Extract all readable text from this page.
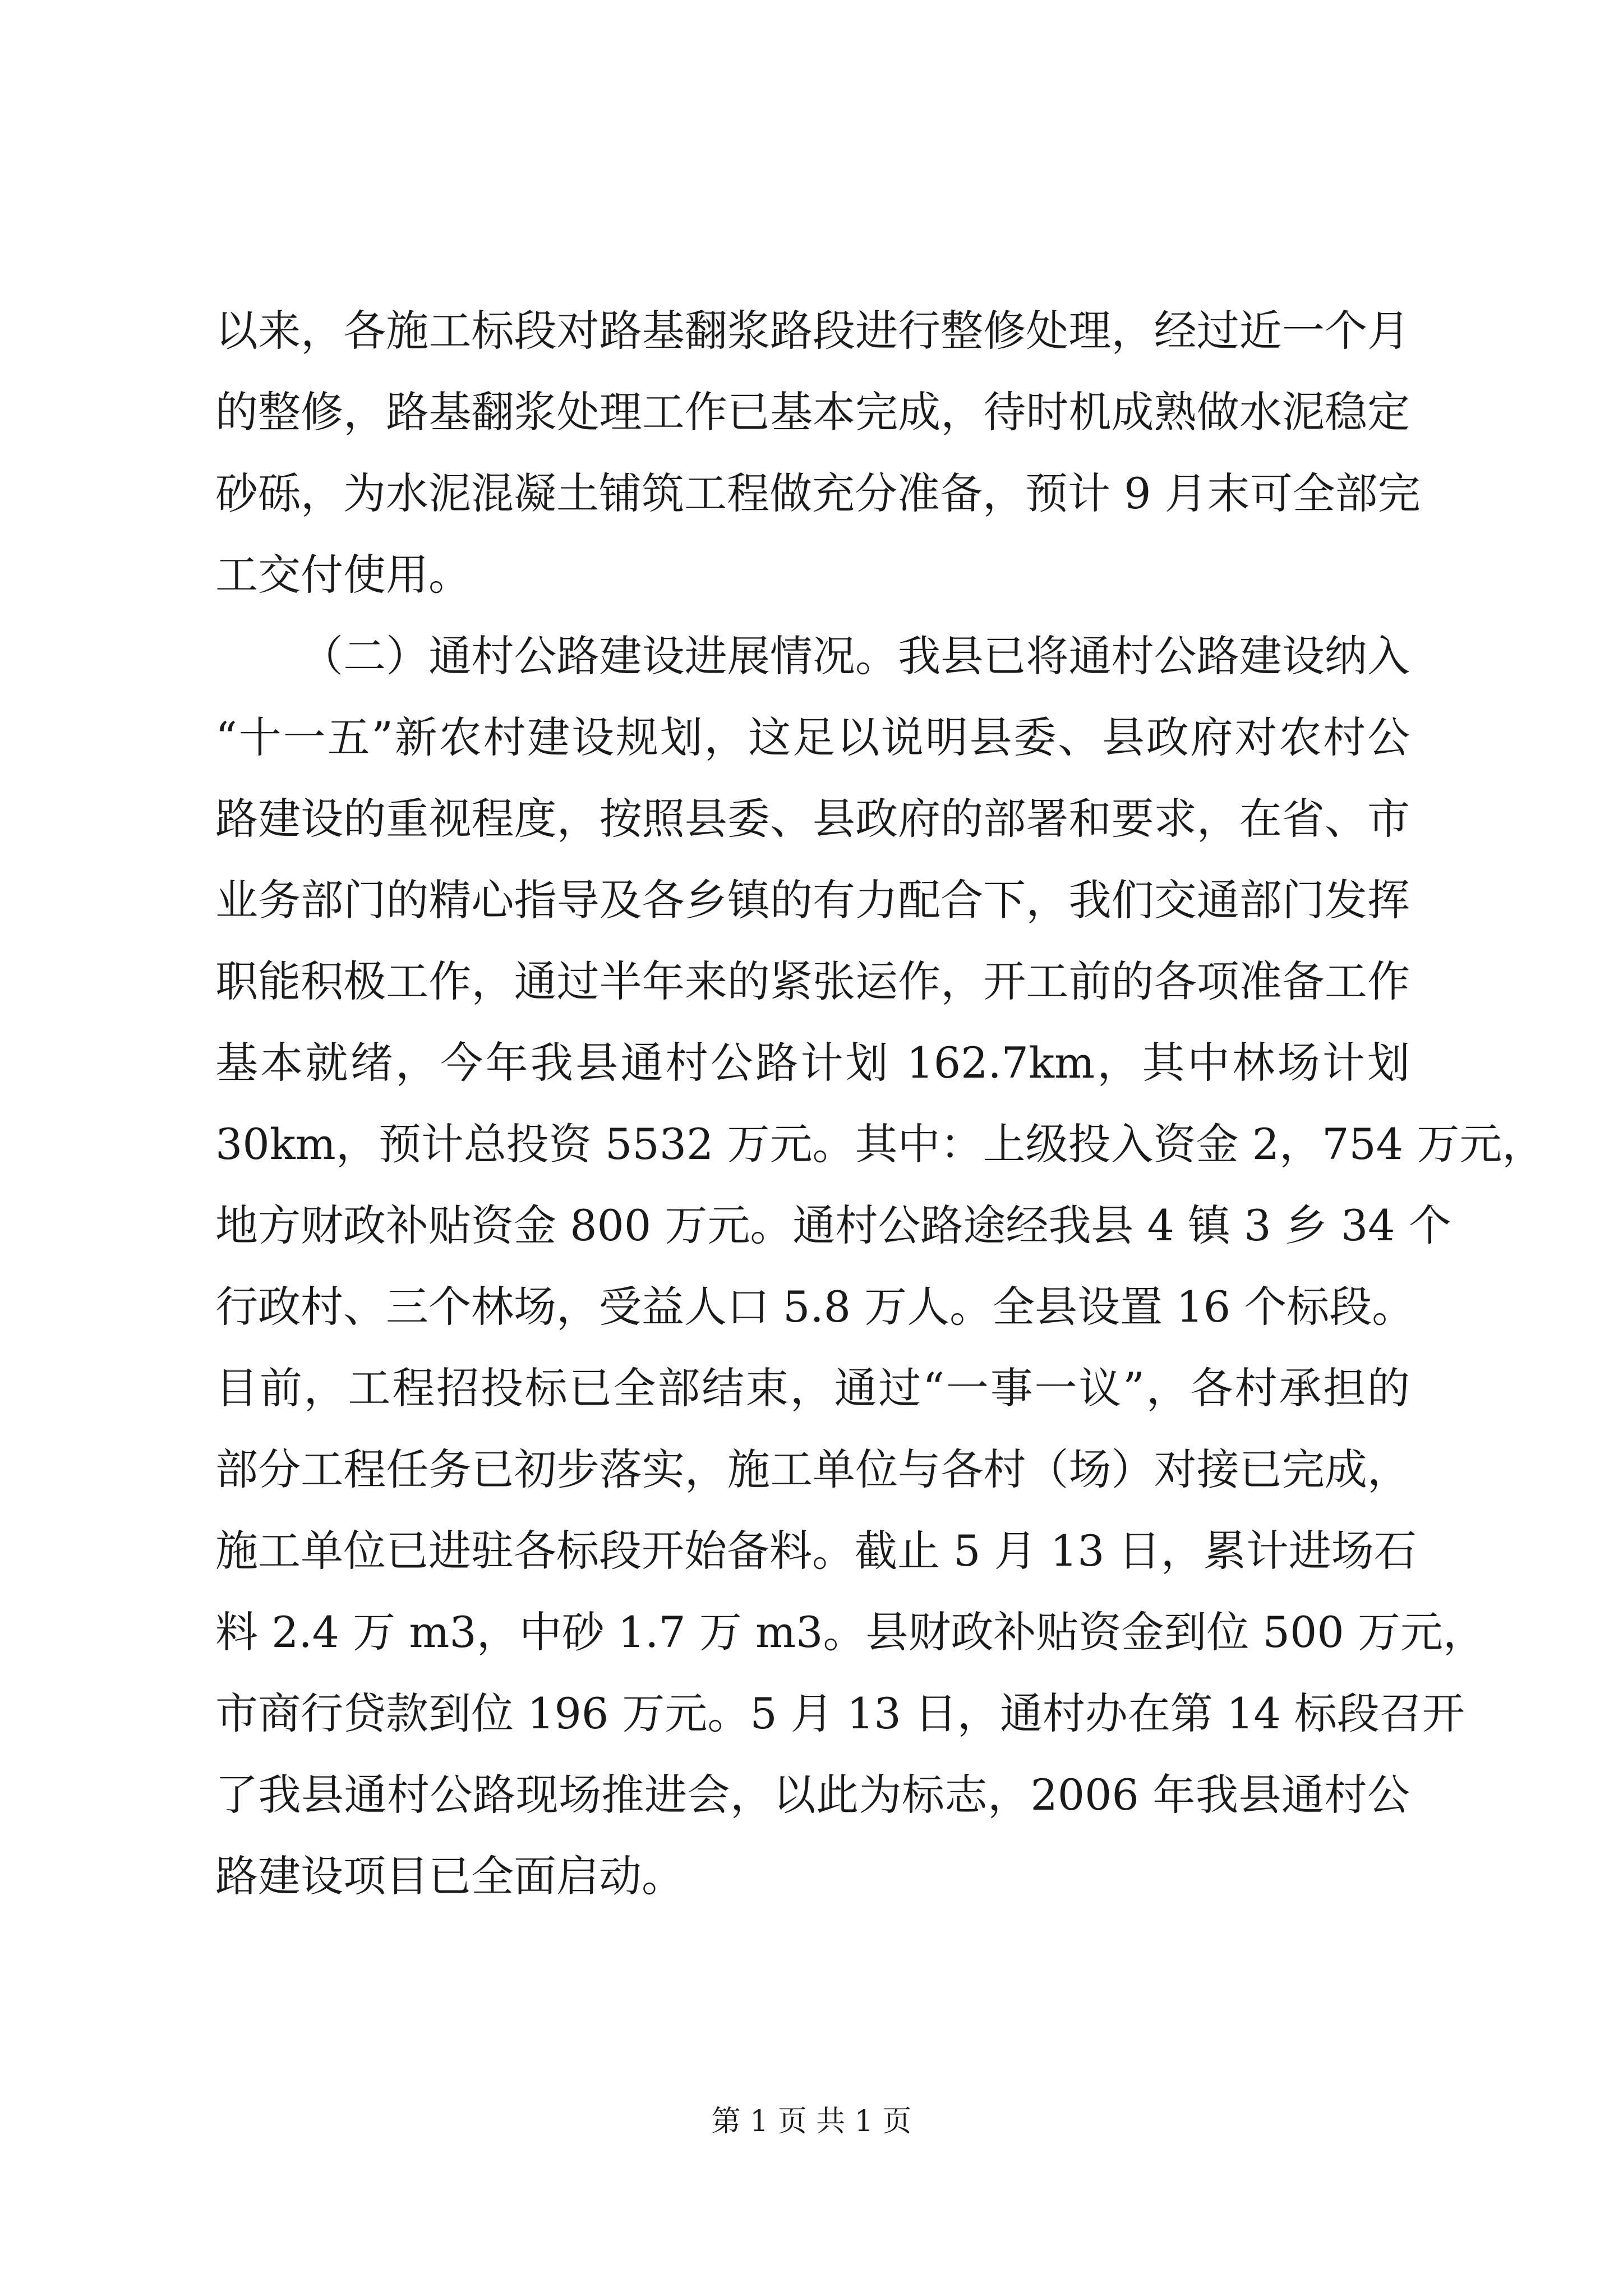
以来，各施工标段对路基翻浆路段进行整修处理，经过近一个月
的整修，路基翻浆处理工作已基本完成，待时机成熟做水泥稳定
砂砾，为水泥混凝土铺筑工程做充分准备，预计 9 月末可全部完
工交付使用。
（二）通村公路建设进展情况。我县已将通村公路建设纳入
“十一五”新农村建设规划，这足以说明县委、县政府对农村公
路建设的重视程度，按照县委、县政府的部署和要求，在省、市
业务部门的精心指导及各乡镇的有力配合下，我们交通部门发挥
职能积极工作，通过半年来的紧张运作，开工前的各项准备工作
基本就绪，今年我县通村公路计划 162.7km，其中林场计划
30km，预计总投资 5532 万元。其中：上级投入资金 2，754 万元，
地方财政补贴资金 800 万元。通村公路途经我县 4 镇 3 乡 34 个
行政村、三个林场，受益人口 5.8 万人。全县设置 16 个标段。
目前，工程招投标已全部结束，通过“一事一议”，各村承担的
部分工程任务已初步落实，施工单位与各村（场）对接已完成，
施工单位已进驻各标段开始备料。截止 5 月 13 日，累计进场石
料 2.4 万 m3，中砂 1.7 万 m3。县财政补贴资金到位 500 万元，
市商行贷款到位 196 万元。5 月 13 日，通村办在第 14 标段召开
了我县通村公路现场推进会，以此为标志，2006 年我县通村公
路建设项目已全面启动。
第 1 页 共 1 页
